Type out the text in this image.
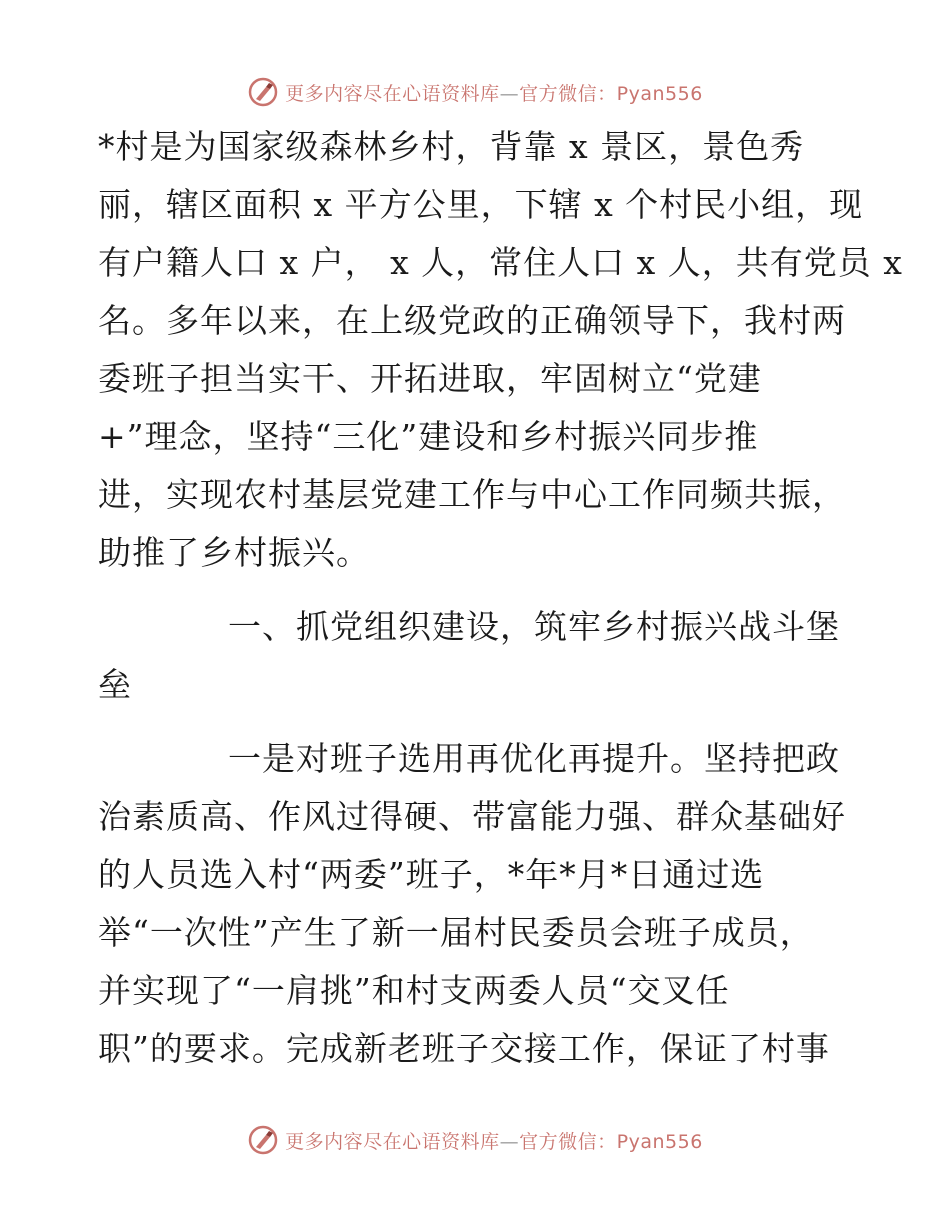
更多内容尽在心语资料库—官方微信：Pyan556
*村是为国家级森林乡村，背靠 x 景区，景色秀
丽，辖区面积 x 平方公里，下辖 x 个村民小组，现
有户籍人口 x 户， x 人，常住人口 x 人，共有党员 x
名。多年以来，在上级党政的正确领导下，我村两
委班子担当实干、开拓进取，牢固树立“党建
+”理念，坚持“三化”建设和乡村振兴同步推
进，实现农村基层党建工作与中心工作同频共振，
助推了乡村振兴。
一、抓党组织建设，筑牢乡村振兴战斗堡
垒
一是对班子选用再优化再提升。坚持把政
治素质高、作风过得硬、带富能力强、群众基础好
的人员选入村“两委”班子，*年*月*日通过选
举“一次性”产生了新一届村民委员会班子成员，
并实现了“一肩挑”和村支两委人员“交叉任
职”的要求。完成新老班子交接工作，保证了村事
更多内容尽在心语资料库—官方微信：Pyan556
